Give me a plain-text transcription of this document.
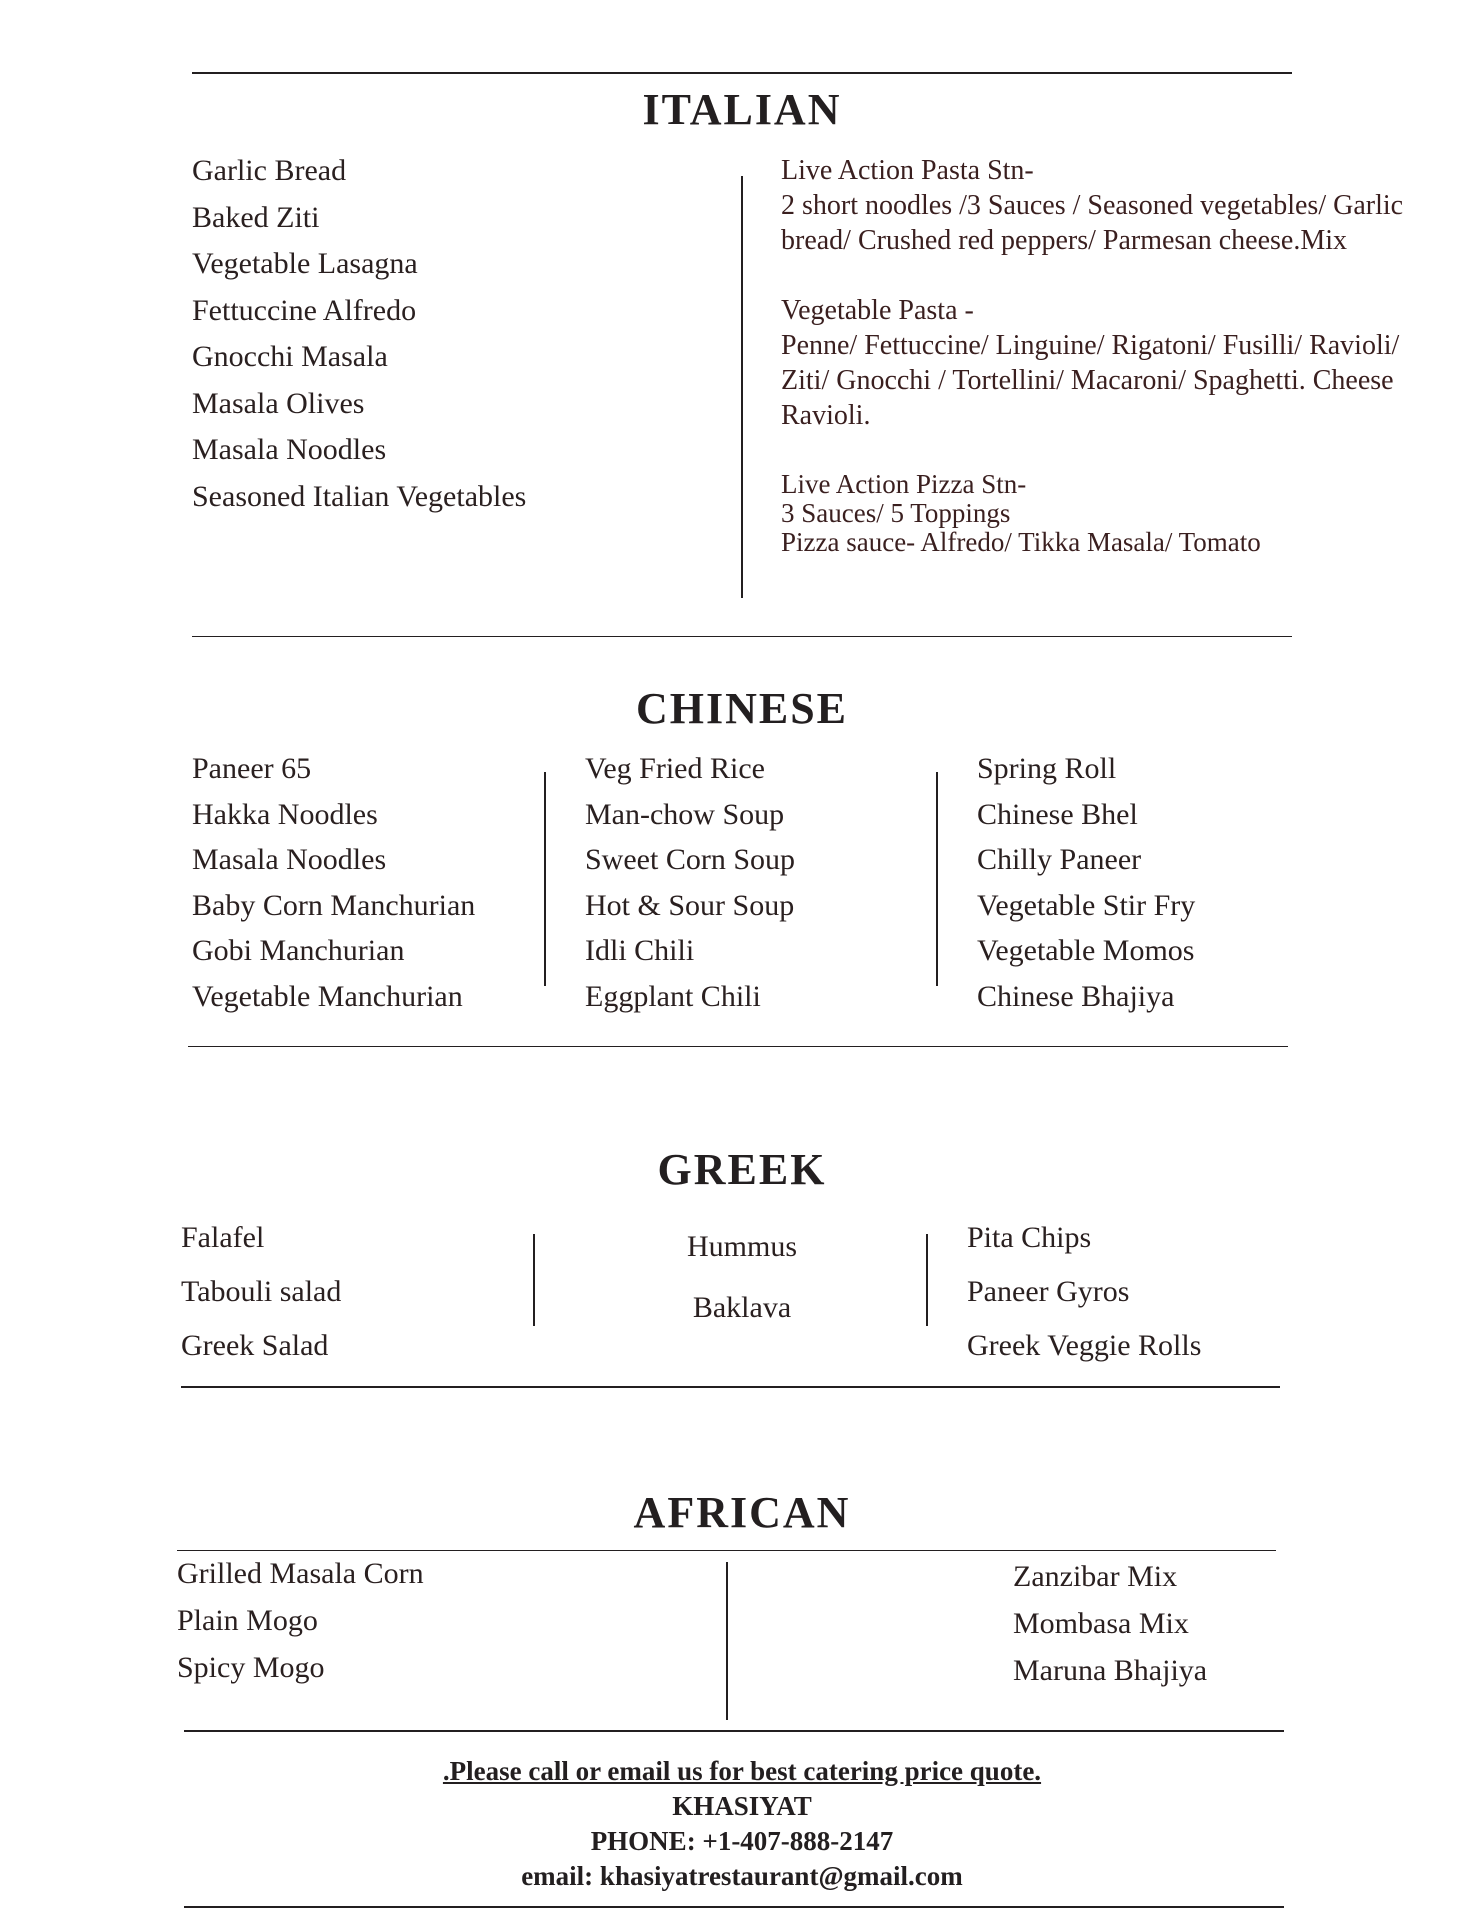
ITALIAN
Garlic Bread
Baked Ziti
Vegetable Lasagna
Fettuccine Alfredo
Gnocchi Masala
Masala Olives
Masala Noodles
Seasoned Italian Vegetables
Live Action Pasta Stn-
2 short noodles /3 Sauces / Seasoned vegetables/ Garlic
bread/ Crushed red peppers/ Parmesan cheese.Mix
Vegetable Pasta -
Penne/ Fettuccine/ Linguine/ Rigatoni/ Fusilli/ Ravioli/
Ziti/ Gnocchi / Tortellini/ Macaroni/ Spaghetti. Cheese
Ravioli.
Live Action Pizza Stn-
3 Sauces/ 5 Toppings
Pizza sauce- Alfredo/ Tikka Masala/ Tomato
CHINESE
Paneer 65
Hakka Noodles
Masala Noodles
Baby Corn Manchurian
Gobi Manchurian
Vegetable Manchurian
Veg Fried Rice
Man-chow Soup
Sweet Corn Soup
Hot & Sour Soup
Idli Chili
Eggplant Chili
Spring Roll
Chinese Bhel
Chilly Paneer
Vegetable Stir Fry
Vegetable Momos
Chinese Bhajiya
GREEK
Falafel
Tabouli salad
Greek Salad
Hummus
Baklava
Pita Chips
Paneer Gyros
Greek Veggie Rolls
AFRICAN
Grilled Masala Corn
Plain Mogo
Spicy Mogo
Zanzibar Mix
Mombasa Mix
Maruna Bhajiya
.Please call or email us for best catering price quote.
KHASIYAT
PHONE: +1-407-888-2147
email: khasiyatrestaurant@gmail.com
